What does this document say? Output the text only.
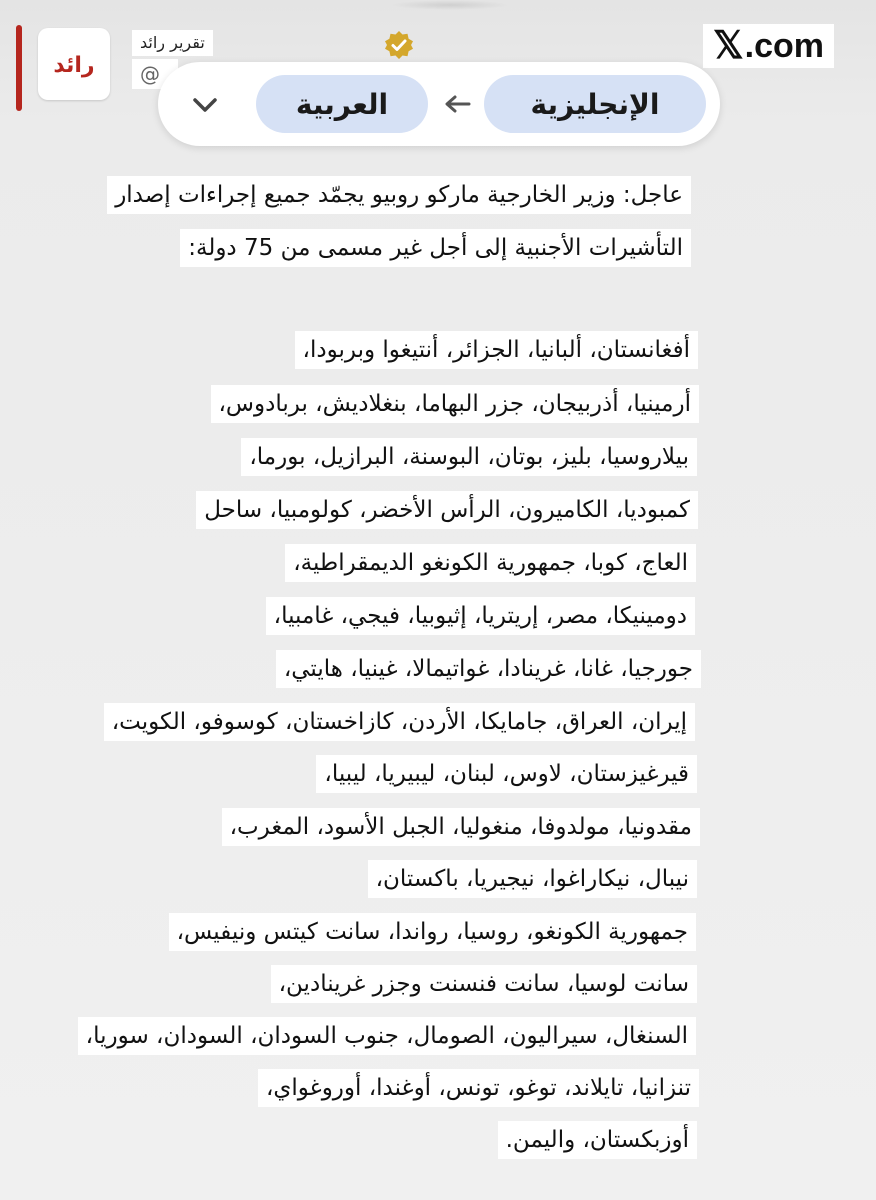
رائد
تقرير رائد
@
𝕏 .com
العربية	الإنجليزية
عاجل: وزير الخارجية ماركو روبيو يجمّد جميع إجراءات إصدار
التأشيرات الأجنبية إلى أجل غير مسمى من 75 دولة:
أفغانستان، ألبانيا، الجزائر، أنتيغوا وبربودا،
أرمينيا، أذربيجان، جزر البهاما، بنغلاديش، بربادوس،
بيلاروسيا، بليز، بوتان، البوسنة، البرازيل، بورما،
كمبوديا، الكاميرون، الرأس الأخضر، كولومبيا، ساحل
العاج، كوبا، جمهورية الكونغو الديمقراطية،
دومينيكا، مصر، إريتريا، إثيوبيا، فيجي، غامبيا،
جورجيا، غانا، غرينادا، غواتيمالا، غينيا، هايتي،
إيران، العراق، جامايكا، الأردن، كازاخستان، كوسوفو، الكويت،
قيرغيزستان، لاوس، لبنان، ليبيريا، ليبيا،
مقدونيا، مولدوفا، منغوليا، الجبل الأسود، المغرب،
نيبال، نيكاراغوا، نيجيريا، باكستان،
جمهورية الكونغو، روسيا، رواندا، سانت كيتس ونيفيس،
سانت لوسيا، سانت فنسنت وجزر غرينادين،
السنغال، سيراليون، الصومال، جنوب السودان، السودان، سوريا،
تنزانيا، تايلاند، توغو، تونس، أوغندا، أوروغواي،
أوزبكستان، واليمن.
